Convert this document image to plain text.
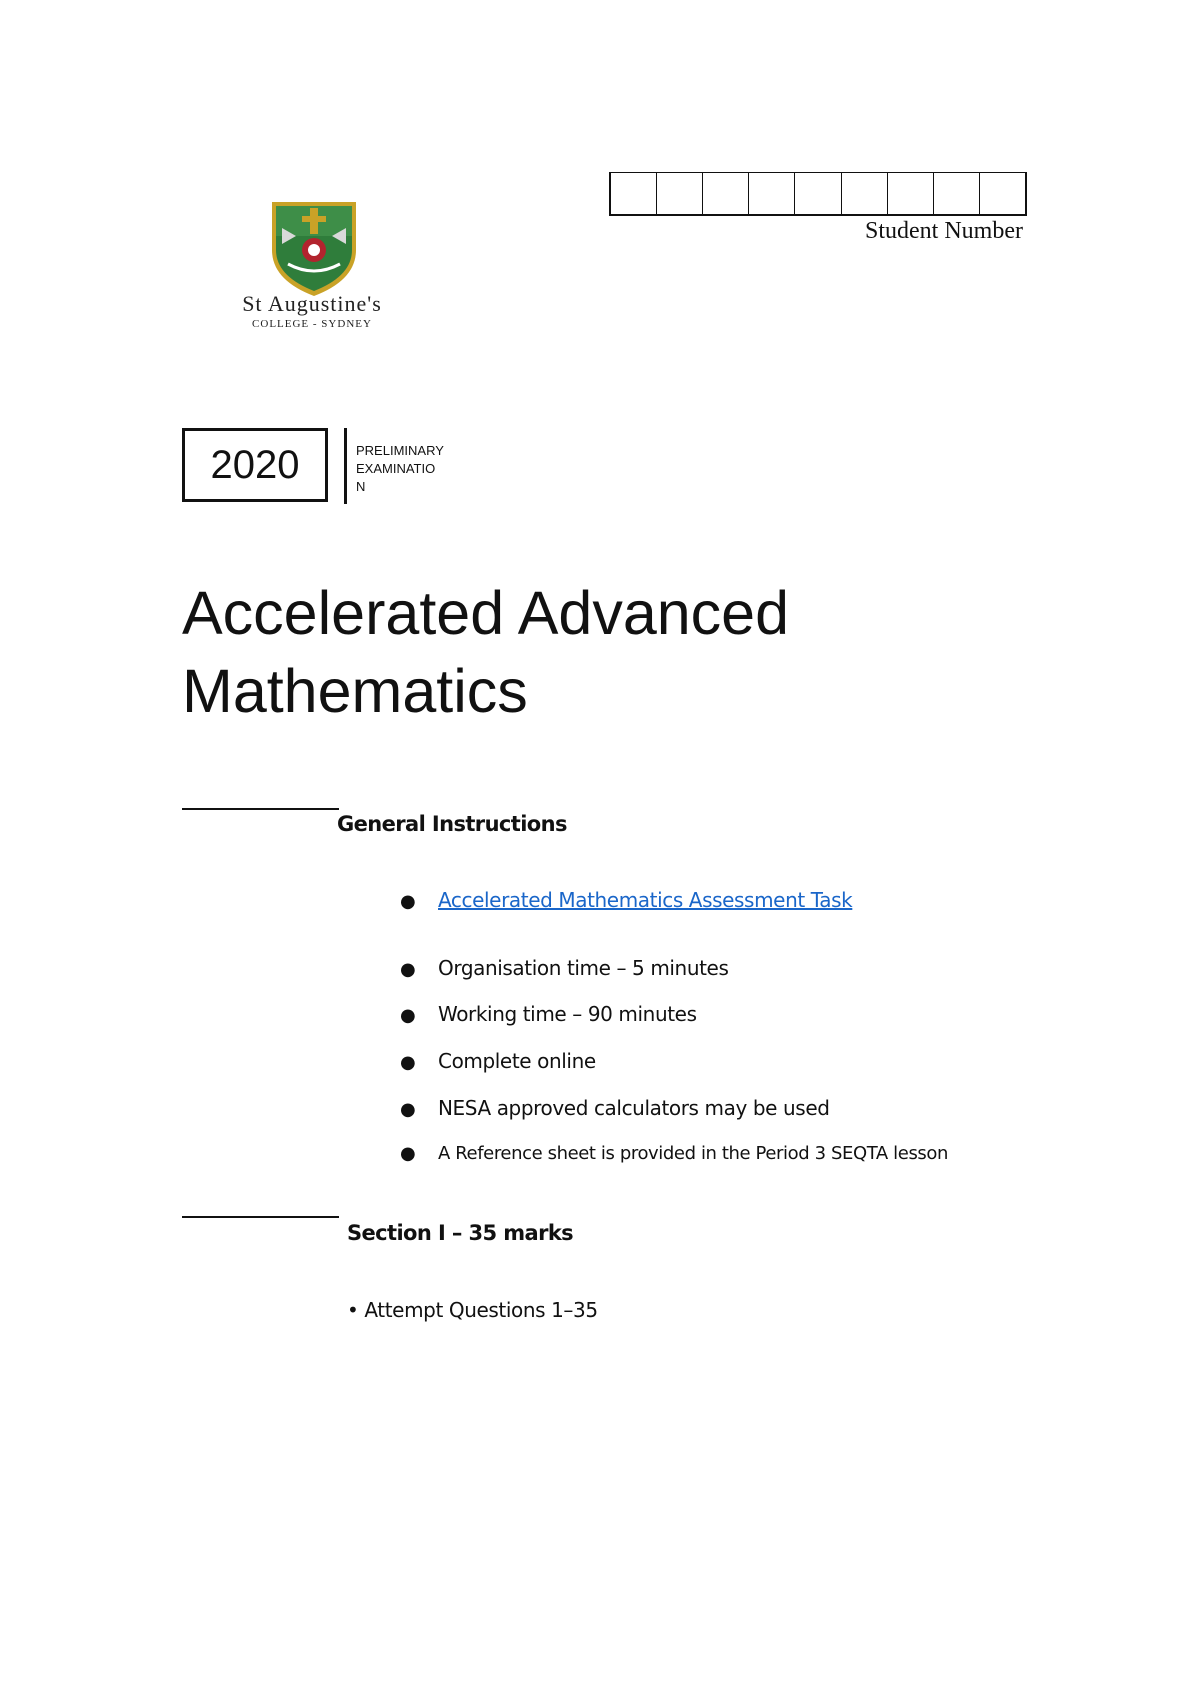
St Augustine's
COLLEGE - SYDNEY
Student Number
2020	PRELIMINARY
EXAMINATIO
N
Accelerated Advanced
Mathematics
General Instructions
●	Accelerated Mathematics Assessment Task
●	Organisation time – 5 minutes
●	Working time – 90 minutes
●	Complete online
●	NESA approved calculators may be used
●	A Reference sheet is provided in the Period 3 SEQTA lesson
Section I – 35 marks
• Attempt Questions 1–35
